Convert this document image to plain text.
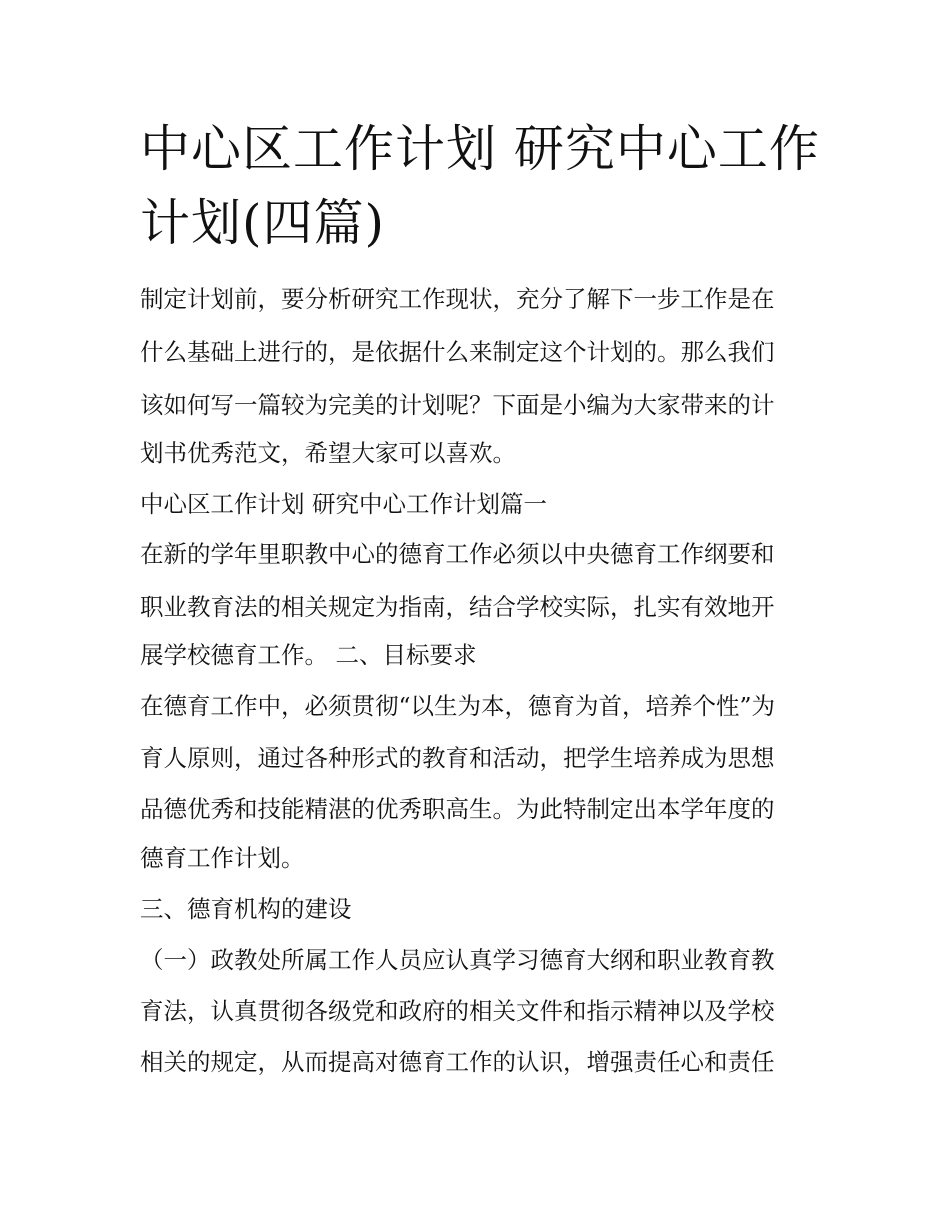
中心区工作计划 研究中心工作
计划(四篇)

制定计划前，要分析研究工作现状，充分了解下一步工作是在

什么基础上进行的，是依据什么来制定这个计划的。那么我们

该如何写一篇较为完美的计划呢？下面是小编为大家带来的计

划书优秀范文，希望大家可以喜欢。

中心区工作计划 研究中心工作计划篇一

在新的学年里职教中心的德育工作必须以中央德育工作纲要和

职业教育法的相关规定为指南，结合学校实际，扎实有效地开

展学校德育工作。 二、目标要求

在德育工作中，必须贯彻“以生为本，德育为首，培养个性”为

育人原则，通过各种形式的教育和活动，把学生培养成为思想

品德优秀和技能精湛的优秀职高生。为此特制定出本学年度的

德育工作计划。

三、德育机构的建设

（一）政教处所属工作人员应认真学习德育大纲和职业教育教

育法，认真贯彻各级党和政府的相关文件和指示精神以及学校

相关的规定，从而提高对德育工作的认识，增强责任心和责任
